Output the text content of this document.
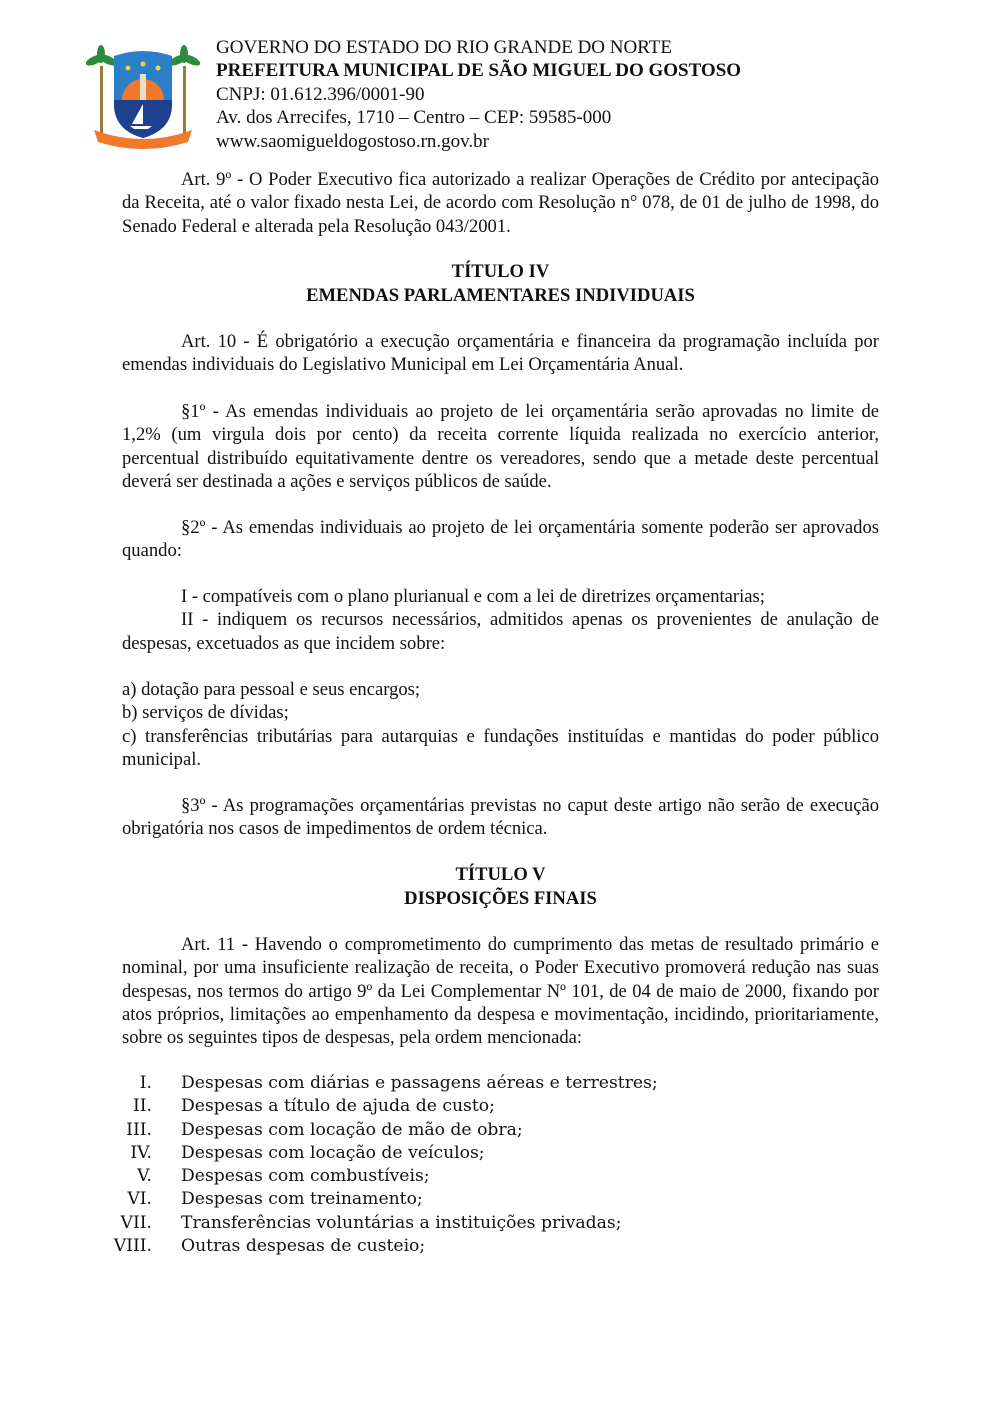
GOVERNO DO ESTADO DO RIO GRANDE DO NORTE
PREFEITURA MUNICIPAL DE SÃO MIGUEL DO GOSTOSO
CNPJ: 01.612.396/0001-90
Av. dos Arrecifes, 1710 – Centro – CEP: 59585-000
www.saomigueldogostoso.rn.gov.br

Art. 9º - O Poder Executivo fica autorizado a realizar Operações de Crédito por antecipação da Receita, até o valor fixado nesta Lei, de acordo com Resolução n° 078, de 01 de julho de 1998, do Senado Federal e alterada pela Resolução 043/2001.

TÍTULO IV

EMENDAS PARLAMENTARES INDIVIDUAIS

Art. 10 - É obrigatório a execução orçamentária e financeira da programação incluída por emendas individuais do Legislativo Municipal em Lei Orçamentária Anual.

§1º - As emendas individuais ao projeto de lei orçamentária serão aprovadas no limite de 1,2% (um virgula dois por cento) da receita corrente líquida realizada no exercício anterior, percentual distribuído equitativamente dentre os vereadores, sendo que a metade deste percentual deverá ser destinada a ações e serviços públicos de saúde.

§2º - As emendas individuais ao projeto de lei orçamentária somente poderão ser aprovados quando:

I - compatíveis com o plano plurianual e com a lei de diretrizes orçamentarias;

II - indiquem os recursos necessários, admitidos apenas os provenientes de anulação de despesas, excetuados as que incidem sobre:

a) dotação para pessoal e seus encargos;

b) serviços de dívidas;

c) transferências tributárias para autarquias e fundações instituídas e mantidas do poder público municipal.

§3º - As programações orçamentárias previstas no caput deste artigo não serão de execução obrigatória nos casos de impedimentos de ordem técnica.

TÍTULO V

DISPOSIÇÕES FINAIS

Art. 11 - Havendo o comprometimento do cumprimento das metas de resultado primário e nominal, por uma insuficiente realização de receita, o Poder Executivo promoverá redução nas suas despesas, nos termos do artigo 9º da Lei Complementar Nº 101, de 04 de maio de 2000, fixando por atos próprios, limitações ao empenhamento da despesa e movimentação, incidindo, prioritariamente, sobre os seguintes tipos de despesas, pela ordem mencionada:

I. Despesas com diárias e passagens aéreas e terrestres;
II. Despesas a título de ajuda de custo;
III. Despesas com locação de mão de obra;
IV. Despesas com locação de veículos;
V. Despesas com combustíveis;
VI. Despesas com treinamento;
VII. Transferências voluntárias a instituições privadas;
VIII. Outras despesas de custeio;
